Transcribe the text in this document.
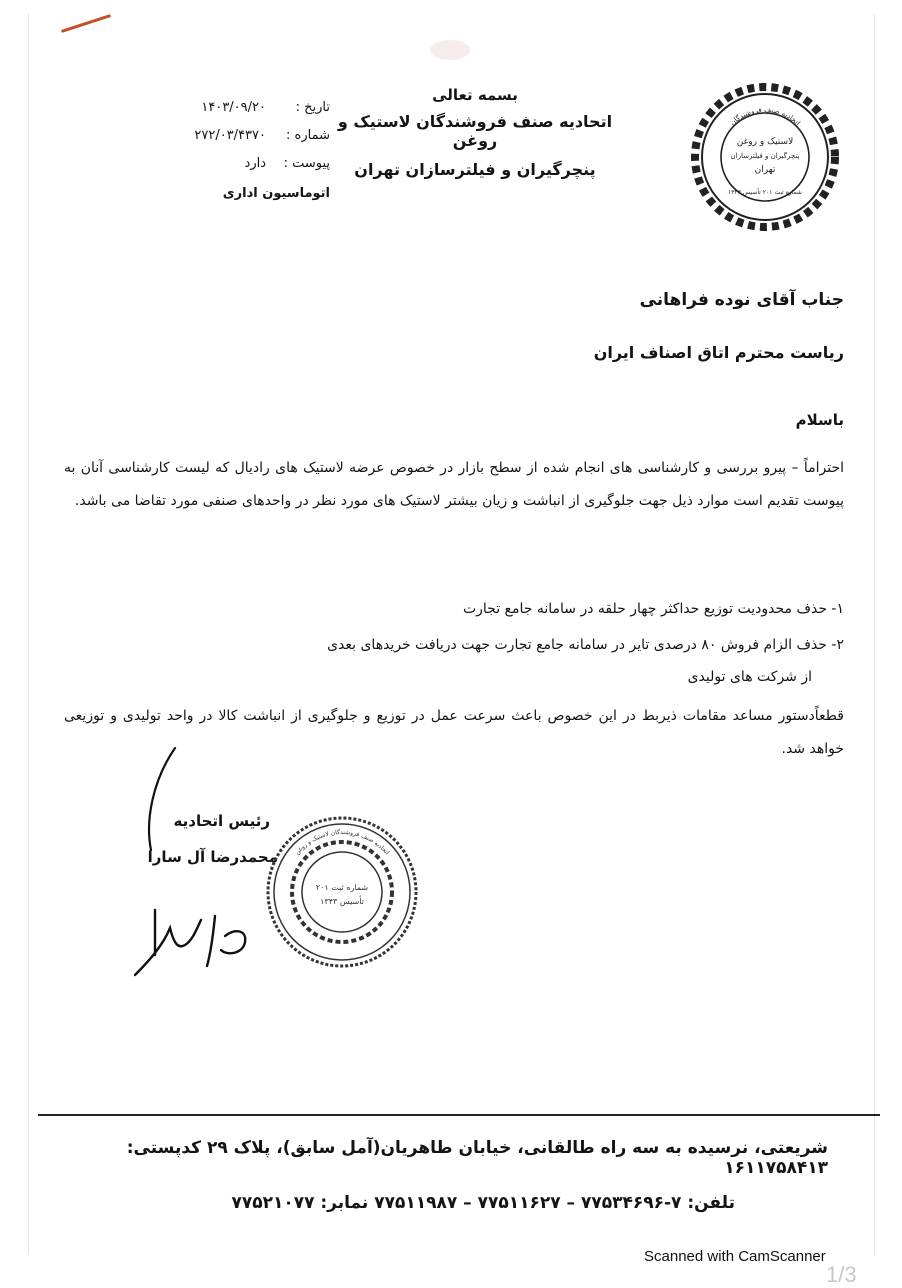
بسمه تعالی
اتحادیه صنف فروشندگان لاستیک و روغن
پنچرگیران و فیلترسازان تهران
تاریخ :
۱۴۰۳/۰۹/۲۰
شماره :
۲۷۲/۰۳/۴۳۷۰
پیوست :
دارد
اتوماسیون اداری
اتحادیه صنف فروشندگان
لاستیک و روغن
پنچرگیران و فیلترسازان
تهران
شماره ثبت ۲۰۱ تأسیس ۱۳۴۳
جناب آقای نوده فراهانی
ریاست محترم اتاق اصناف ایران
باسلام
احتراماً – پیرو بررسی و کارشناسی های انجام شده از سطح بازار در خصوص عرضه لاستیک های رادیال که لیست کارشناسی آنان به پیوست تقدیم است موارد ذیل جهت جلوگیری از انباشت و زیان بیشتر لاستیک های مورد نظر در واحدهای صنفی مورد تقاضا می باشد.
۱- حذف محدودیت توزیع حداکثر چهار حلقه در سامانه جامع تجارت
۲- حذف الزام فروش ۸۰ درصدی تایر در سامانه جامع تجارت جهت دریافت خریدهای بعدی
از شرکت های تولیدی
قطعاًدستور مساعد مقامات ذیربط در این خصوص باعث سرعت عمل در توزیع و جلوگیری از انباشت کالا در واحد تولیدی و توزیعی خواهد شد.
رئیس اتحادیه
محمدرضا آل سارا	اتحادیه صنف فروشندگان لاستیک و روغن
شماره ثبت ۲۰۱
تأسیس ۱۳۴۳
شریعتی، نرسیده به سه راه طالقانی، خیابان طاهریان(آمل سابق)، پلاک ۲۹ کدپستی: ۱۶۱۱۷۵۸۴۱۳
تلفن: ۷-۷۷۵۳۴۶۹۶ – ۷۷۵۱۱۶۲۷ – ۷۷۵۱۱۹۸۷ نمابر: ۷۷۵۲۱۰۷۷
Scanned with CamScanner
1/3
